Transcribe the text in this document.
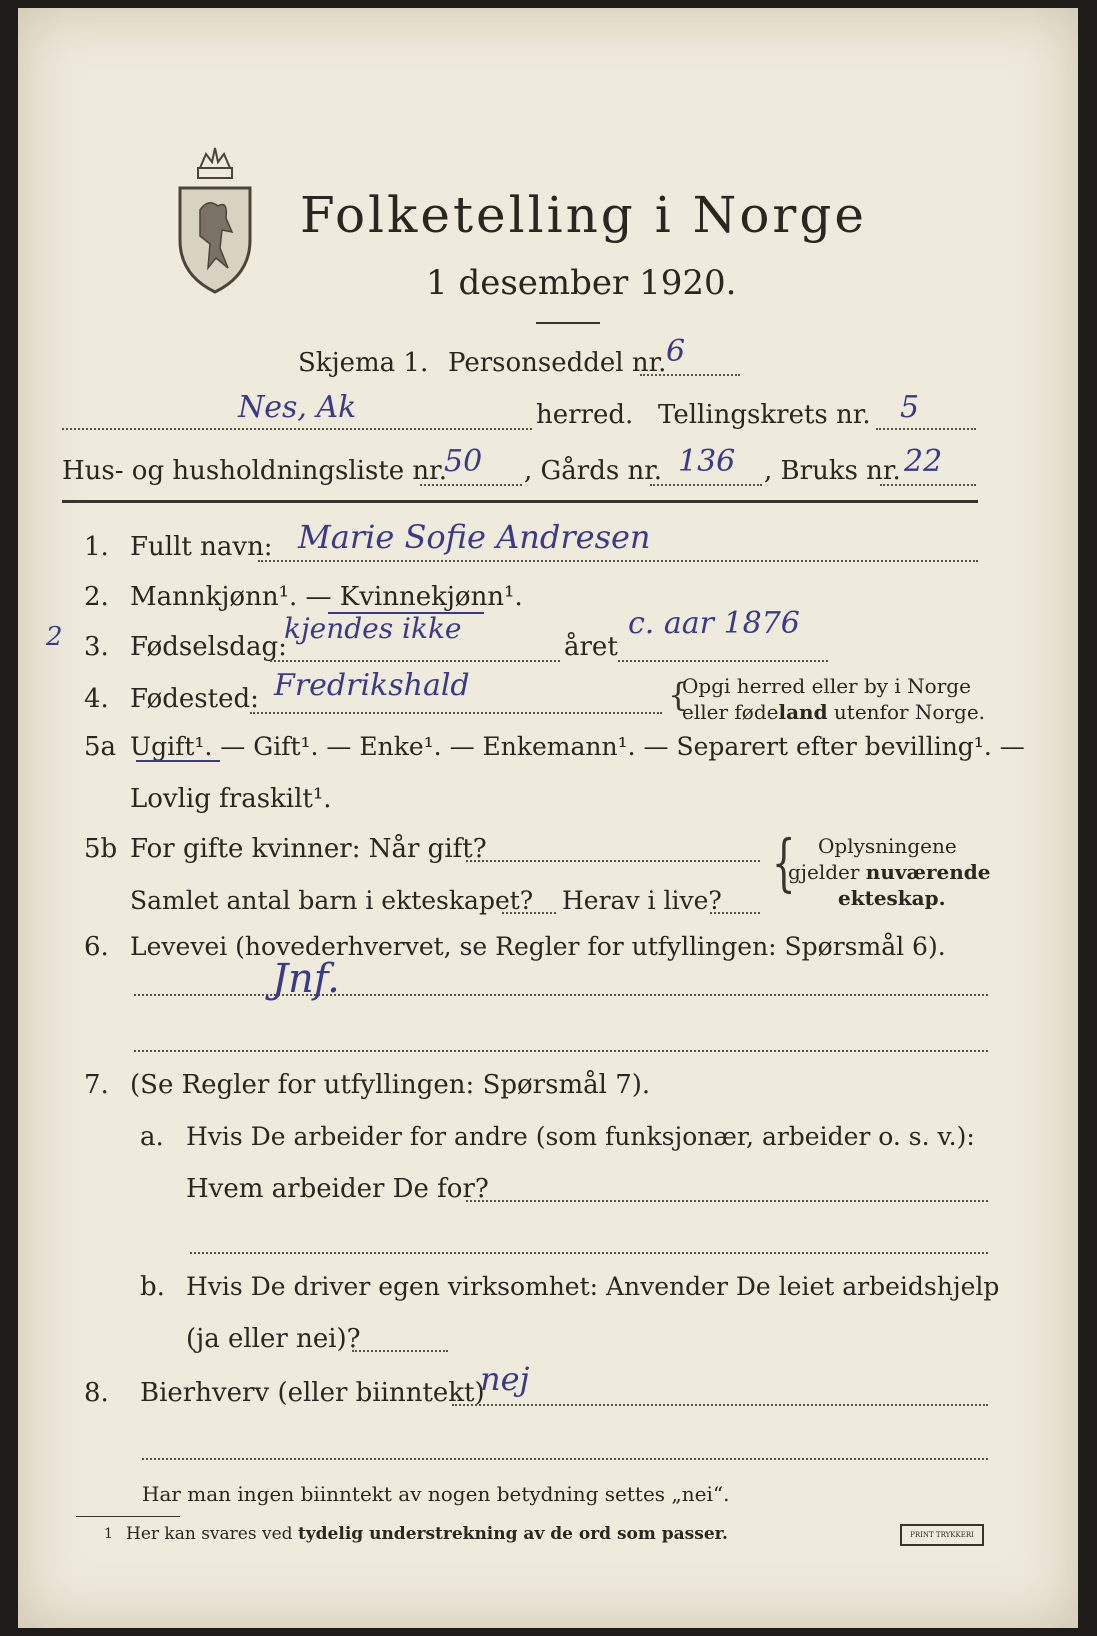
Folketelling i Norge
1 desember 1920.
Skjema 1. Personseddel nr. 6
Nes, Ak	herred. Tellingskrets nr. 5
Hus- og husholdningsliste nr.
50 , Gårds nr. 136 , Bruks nr. 22
1. Fullt navn: Marie Sofie Andresen
2. Mannkjønn¹. — Kvinnekjønn¹.
2 3. Fødselsdag:
kjendes ikke
året
c. aar 1876
4. Fødested: Fredrikshald	{
Opgi herred eller by i Norge
eller fødeland utenfor Norge.
5a Ugift¹. — Gift¹. — Enke¹. — Enkemann¹. — Separert efter bevilling¹. —
Lovlig fraskilt¹.
5b For gifte kvinner: Når gift?
Samlet antal barn i ekteskapet? Herav i live?
{ Oplysningene
gjelder nuværende
ekteskap.
6. Levevei (hovederhvervet, se Regler for utfyllingen: Spørsmål 6).
Jnf.
7. (Se Regler for utfyllingen: Spørsmål 7).
a. Hvis De arbeider for andre (som funksjonær, arbeider o. s. v.):
Hvem arbeider De for?
b. Hvis De driver egen virksomhet: Anvender De leiet arbeidshjelp
(ja eller nei)?
8. Bierhverv (eller biinntekt)
nej
Har man ingen biinntekt av nogen betydning settes „nei“.
1 Her kan svares ved tydelig understrekning av de ord som passer.	PRINT TRYKKERI
